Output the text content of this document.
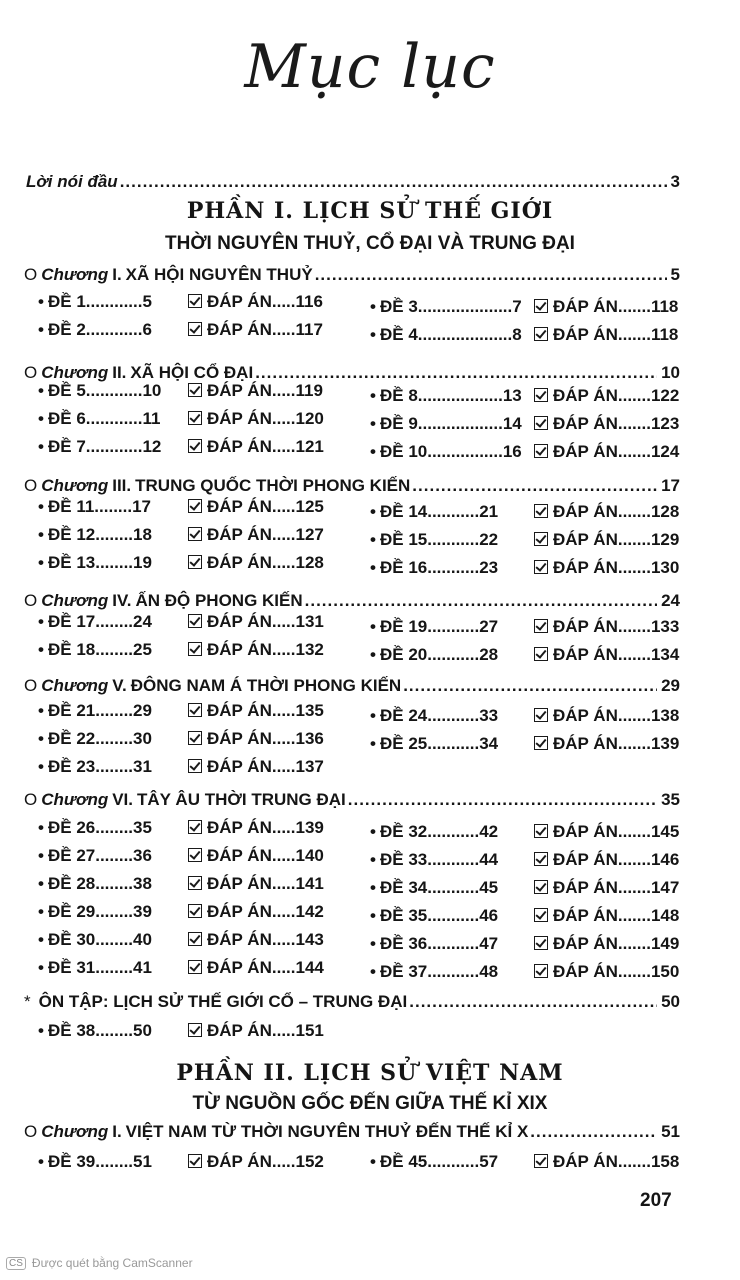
Mục lục
Lời nói đầu .....	3
PHẦN I. LỊCH SỬ THẾ GIỚI
THỜI NGUYÊN THUỶ, CỔ ĐẠI VÀ TRUNG ĐẠI
O Chương I. XÃ HỘI NGUYÊN THUỶ .....	5
O Chương II. XÃ HỘI CỔ ĐẠI .....	10
O Chương III. TRUNG QUỐC THỜI PHONG KIẾN .....	17
O Chương IV. ẤN ĐỘ PHONG KIẾN .....	24
O Chương V. ĐÔNG NAM Á THỜI PHONG KIẾN .....	29
O Chương VI. TÂY ÂU THỜI TRUNG ĐẠI .....	35
* ÔN TẬP: LỊCH SỬ THẾ GIỚI CỔ – TRUNG ĐẠI .....	50
PHẦN II. LỊCH SỬ VIỆT NAM
TỪ NGUỒN GỐC ĐẾN GIỮA THẾ KỈ XIX
O Chương I. VIỆT NAM TỪ THỜI NGUYÊN THUỶ ĐẾN THẾ KỈ X .....	51
• ĐỀ 1............5	ĐÁP ÁN.....116	• ĐỀ 3....................7	ĐÁP ÁN.......118
• ĐỀ 2............6	ĐÁP ÁN.....117	• ĐỀ 4....................8	ĐÁP ÁN.......118
• ĐỀ 5............10	ĐÁP ÁN.....119	• ĐỀ 8..................13	ĐÁP ÁN.......122
• ĐỀ 6............11	ĐÁP ÁN.....120	• ĐỀ 9..................14	ĐÁP ÁN.......123
• ĐỀ 7............12	ĐÁP ÁN.....121	• ĐỀ 10................16	ĐÁP ÁN.......124
• ĐỀ 11........17	ĐÁP ÁN.....125	• ĐỀ 14...........21	ĐÁP ÁN.......128
• ĐỀ 12........18	ĐÁP ÁN.....127	• ĐỀ 15...........22	ĐÁP ÁN.......129
• ĐỀ 13........19	ĐÁP ÁN.....128	• ĐỀ 16...........23	ĐÁP ÁN.......130
• ĐỀ 17........24	ĐÁP ÁN.....131	• ĐỀ 19...........27	ĐÁP ÁN.......133
• ĐỀ 18........25	ĐÁP ÁN.....132	• ĐỀ 20...........28	ĐÁP ÁN.......134
• ĐỀ 21........29	ĐÁP ÁN.....135	• ĐỀ 24...........33	ĐÁP ÁN.......138
• ĐỀ 22........30	ĐÁP ÁN.....136	• ĐỀ 25...........34	ĐÁP ÁN.......139
• ĐỀ 23........31	ĐÁP ÁN.....137
• ĐỀ 26........35	ĐÁP ÁN.....139	• ĐỀ 32...........42	ĐÁP ÁN.......145
• ĐỀ 27........36	ĐÁP ÁN.....140	• ĐỀ 33...........44	ĐÁP ÁN.......146
• ĐỀ 28........38	ĐÁP ÁN.....141	• ĐỀ 34...........45	ĐÁP ÁN.......147
• ĐỀ 29........39	ĐÁP ÁN.....142	• ĐỀ 35...........46	ĐÁP ÁN.......148
• ĐỀ 30........40	ĐÁP ÁN.....143	• ĐỀ 36...........47	ĐÁP ÁN.......149
• ĐỀ 31........41	ĐÁP ÁN.....144	• ĐỀ 37...........48	ĐÁP ÁN.......150
• ĐỀ 38........50	ĐÁP ÁN.....151
• ĐỀ 39........51	ĐÁP ÁN.....152	• ĐỀ 45...........57	ĐÁP ÁN.......158
207
CS Được quét bằng CamScanner
